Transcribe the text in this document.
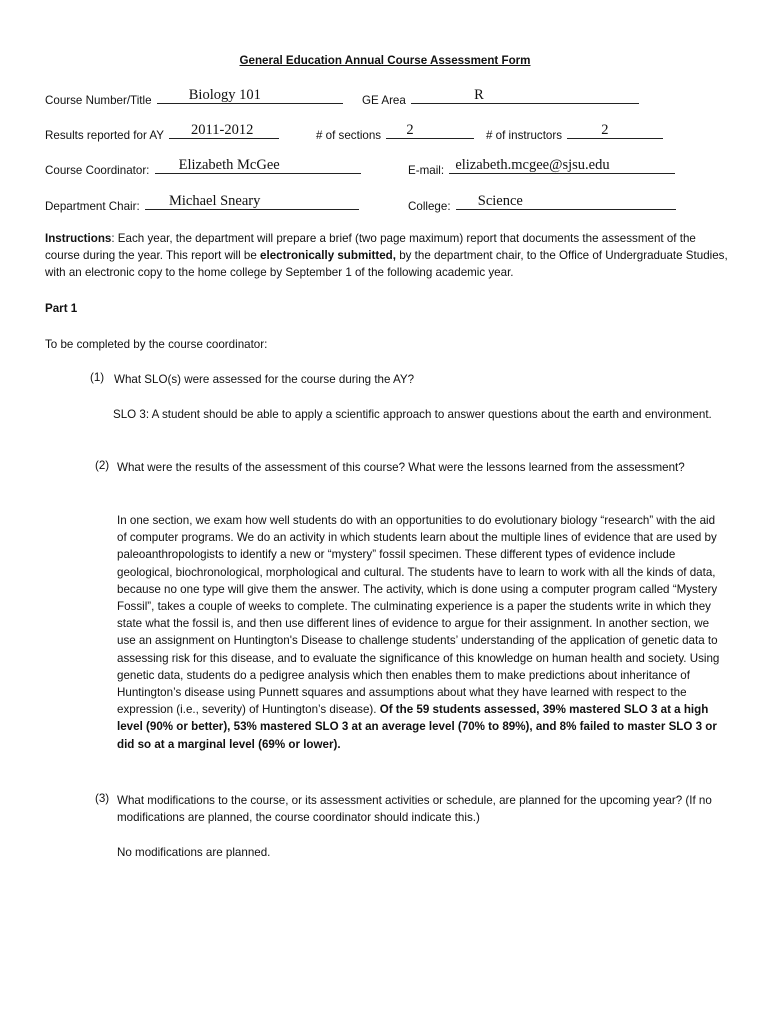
General Education Annual Course Assessment Form
Course Number/Title	Biology 101	GE Area	R
Results reported for AY 2011-2012	# of sections 2	# of instructors	2
Course Coordinator: Elizabeth McGee	E-mail: elizabeth.mcgee@sjsu.edu
Department Chair: Michael Sneary	College: Science
Instructions: Each year, the department will prepare a brief (two page maximum) report that documents the assessment of the course during the year. This report will be electronically submitted, by the department chair, to the Office of Undergraduate Studies, with an electronic copy to the home college by September 1 of the following academic year.
Part 1
To be completed by the course coordinator:
(1) What SLO(s) were assessed for the course during the AY?
SLO 3: A student should be able to apply a scientific approach to answer questions about the earth and environment.
(2) What were the results of the assessment of this course? What were the lessons learned from the assessment?
In one section, we exam how well students do with an opportunities to do evolutionary biology “research” with the aid of computer programs. We do an activity in which students learn about the multiple lines of evidence that are used by paleoanthropologists to identify a new or “mystery” fossil specimen. These different types of evidence include geological, biochronological, morphological and cultural. The students have to learn to work with all the kinds of data, because no one type will give them the answer. The activity, which is done using a computer program called “Mystery Fossil”, takes a couple of weeks to complete. The culminating experience is a paper the students write in which they state what the fossil is, and then use different lines of evidence to argue for their assignment. In another section, we use an assignment on Huntington's Disease to challenge students’ understanding of the application of genetic data to assessing risk for this disease, and to evaluate the significance of this knowledge on human health and society. Using genetic data, students do a pedigree analysis which then enables them to make predictions about inheritance of Huntington’s disease using Punnett squares and assumptions about what they have learned with respect to the expression (i.e., severity) of Huntington’s disease). Of the 59 students assessed, 39% mastered SLO 3 at a high level (90% or better), 53% mastered SLO 3 at an average level (70% to 89%), and 8% failed to master SLO 3 or did so at a marginal level (69% or lower).
(3) What modifications to the course, or its assessment activities or schedule, are planned for the upcoming year? (If no modifications are planned, the course coordinator should indicate this.)
No modifications are planned.
